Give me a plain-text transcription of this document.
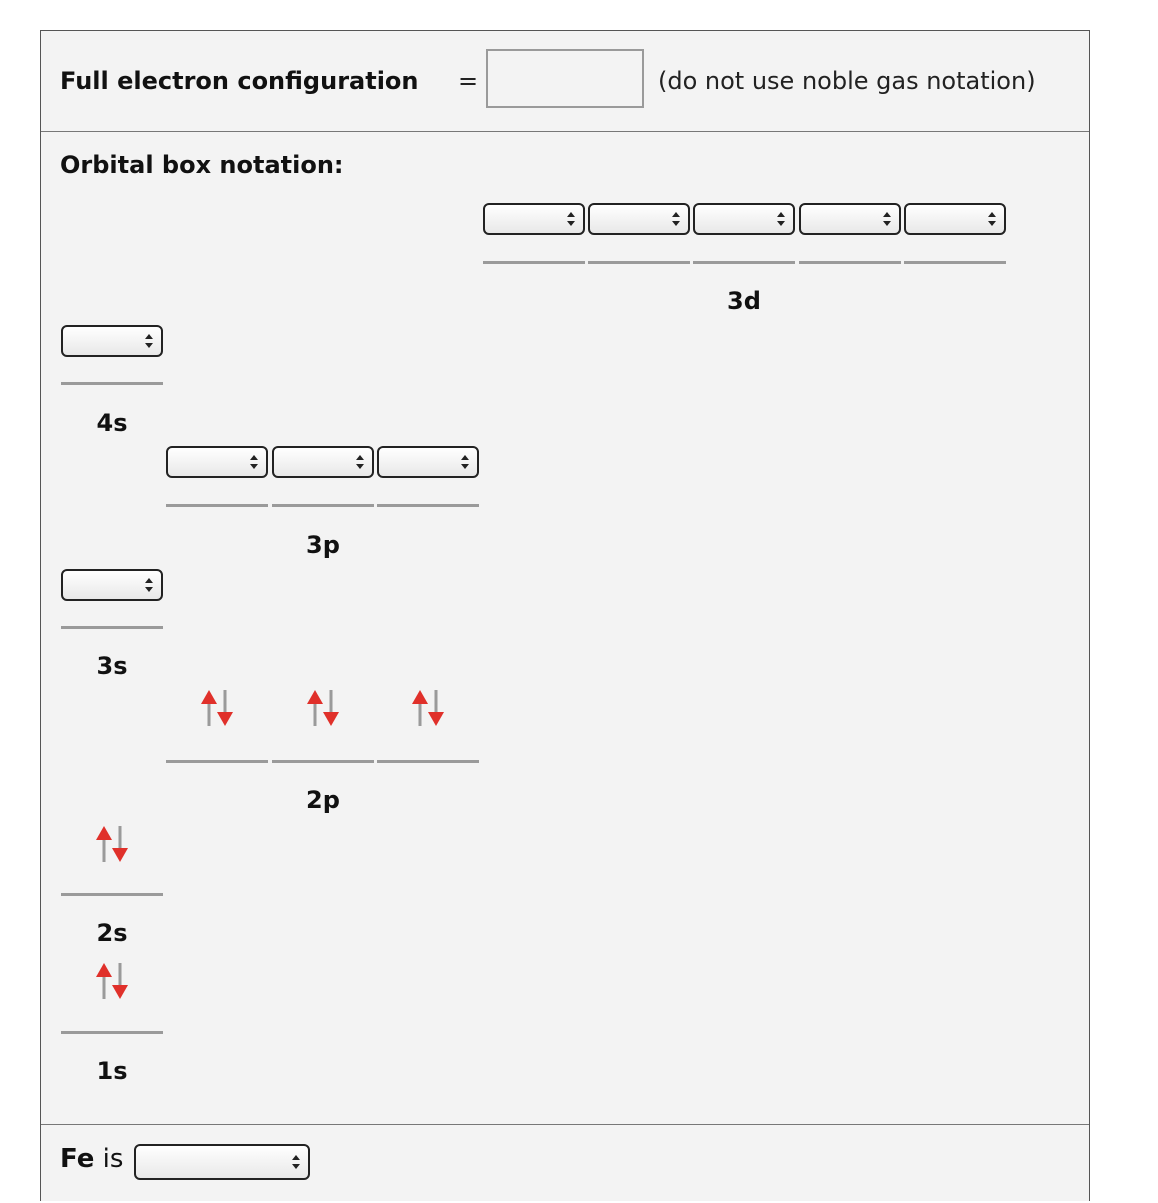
Full electron configuration =	(do not use noble gas notation)
Orbital box notation:
3d
4s
3p
3s
2p
2s
1s
Fe is
